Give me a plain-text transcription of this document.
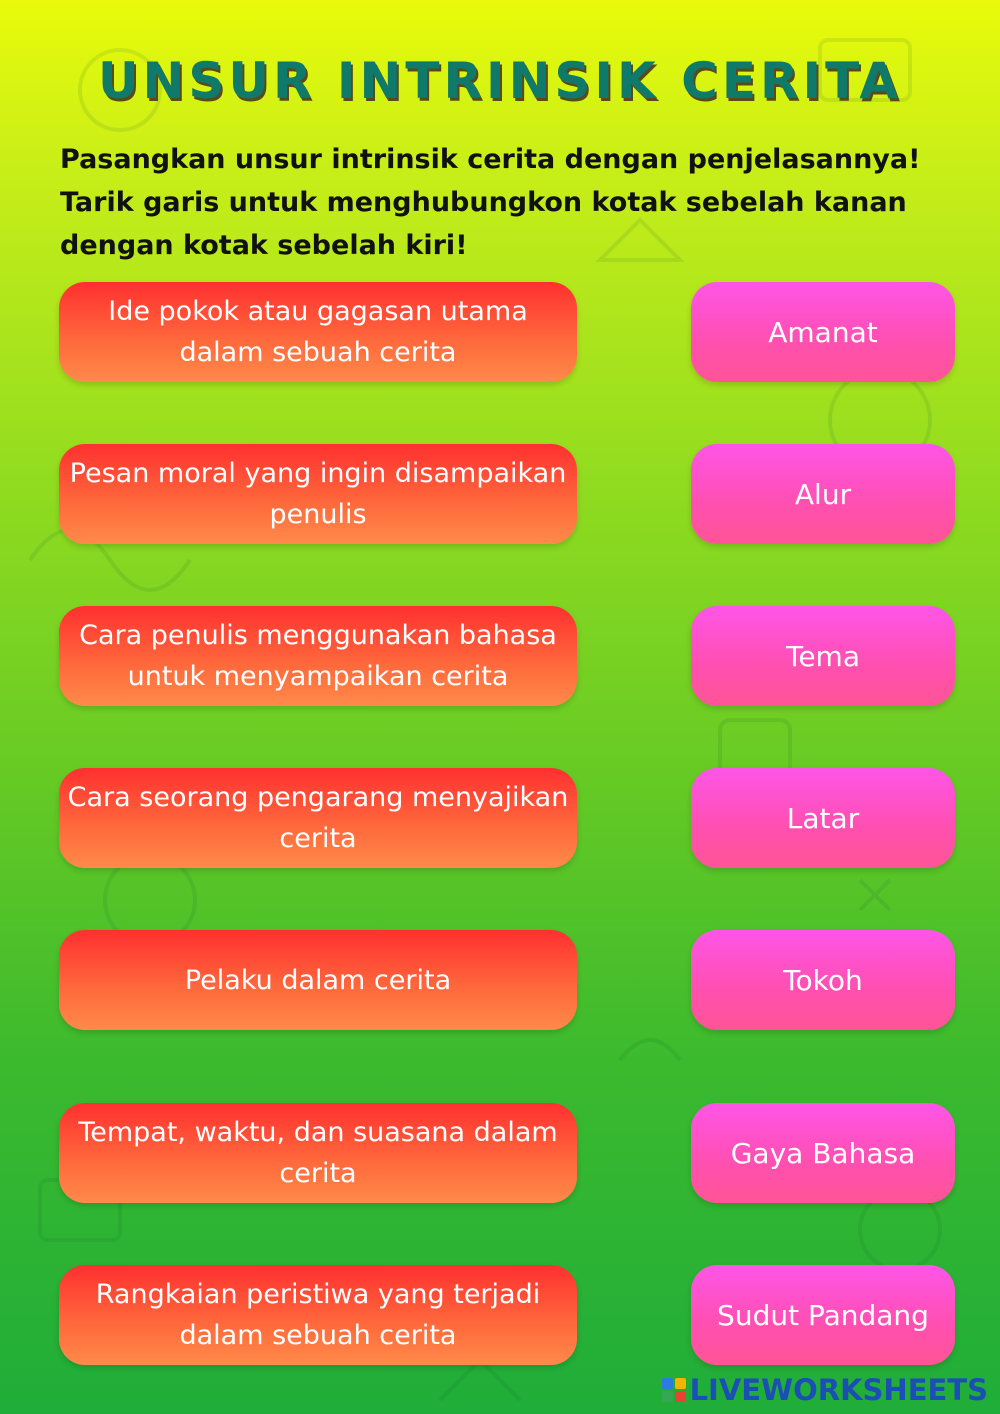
UNSUR INTRINSIK CERITA
Pasangkan unsur intrinsik cerita dengan penjelasannya!
Tarik garis untuk menghubungkon kotak sebelah kanan
dengan kotak sebelah kiri!
Ide pokok atau gagasan utama dalam sebuah cerita
Pesan moral yang ingin disampaikan penulis
Cara penulis menggunakan bahasa untuk menyampaikan cerita
Cara seorang pengarang menyajikan cerita
Pelaku dalam cerita
Tempat, waktu, dan suasana dalam cerita
Rangkaian peristiwa yang terjadi dalam sebuah cerita
Amanat
Alur
Tema
Latar
Tokoh
Gaya Bahasa
Sudut Pandang
LIVEWORKSHEETS
